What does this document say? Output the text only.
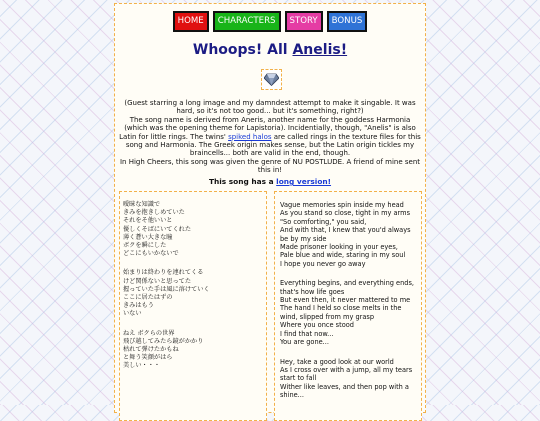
HOME CHARACTERS STORY BONUS
Whoops! All Anelis!
(Guest starring a long image and my damndest attempt to make it singable. It was hard, so it's not too good... but it's something, right?)
The song name is derived from Aneris, another name for the goddess Harmonia (which was the opening theme for Lapistoria). Incidentially, though, "Anelis" is also Latin for little rings. The twins' spiked halos are called rings in the texture files for this song and Harmonia. The Greek origin makes sense, but the Latin origin tickles my braincells... both are valid in the end, though.
In High Cheers, this song was given the genre of NU POSTLUDE. A friend of mine sent this in!
This song has a long version!
曖昧な知識で
きみを抱きしめていた
それをそ他いいと
優しくそばにいてくれた
薄く蒼い大きな瞳
ボクを瞬にした
どこにもいかないで
始まりは終わりを連れてくる
けど関係ないと思ってた
握っていた手は風に溶けていく
ここに居たはずの
きみはもう
いない
ねえ ボクらの世界
飛び越してみたら鏡がかかり
枯れて弾けたかもね
と舞う笑顔がはら
美しい・・・
Vague memories spin inside my head
As you stand so close, tight in my arms
"So comforting," you said,
And with that, I knew that you'd always be by my side
Made prisoner looking in your eyes,
Pale blue and wide, staring in my soul
I hope you never go away
Everything begins, and everything ends, that's how life goes
But even then, it never mattered to me
The hand I held so close melts in the wind, slipped from my grasp
Where you once stood
I find that now...
You are gone...
Hey, take a good look at our world
As I cross over with a jump, all my tears start to fall
Wither like leaves, and then pop with a shine...
